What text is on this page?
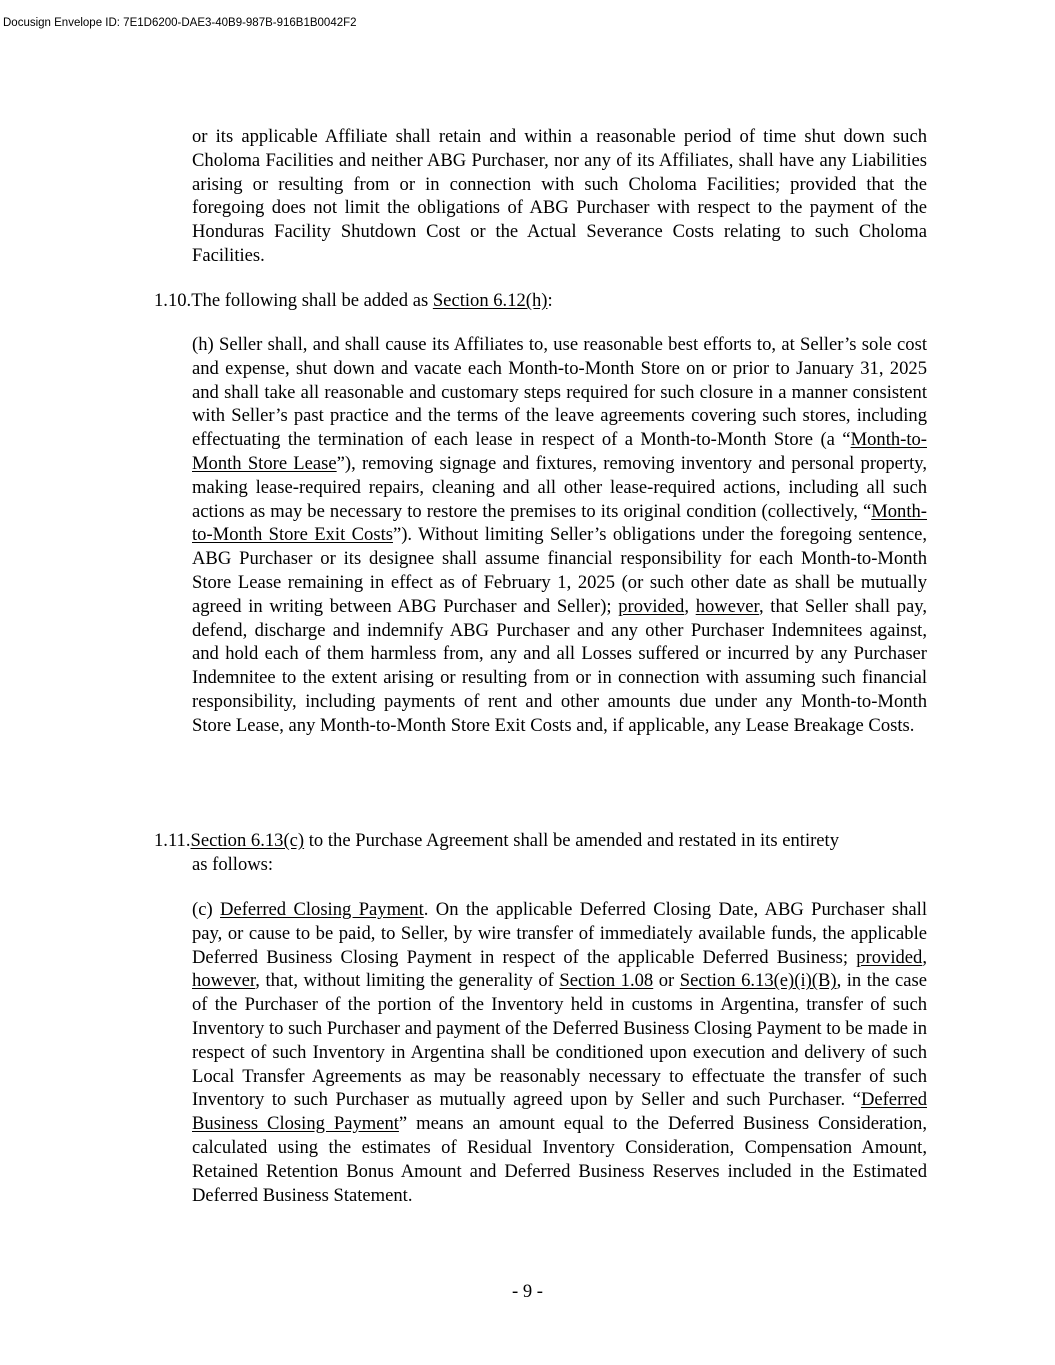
Docusign Envelope ID: 7E1D6200-DAE3-40B9-987B-916B1B0042F2

or its applicable Affiliate shall retain and within a reasonable period of time shut down such Choloma Facilities and neither ABG Purchaser, nor any of its Affiliates, shall have any Liabilities arising or resulting from or in connection with such Choloma Facilities; provided that the foregoing does not limit the obligations of ABG Purchaser with respect to the payment of the Honduras Facility Shutdown Cost or the Actual Severance Costs relating to such Choloma Facilities.

1.10.The following shall be added as Section 6.12(h):

(h) Seller shall, and shall cause its Affiliates to, use reasonable best efforts to, at Seller’s sole cost and expense, shut down and vacate each Month-to-Month Store on or prior to January 31, 2025 and shall take all reasonable and customary steps required for such closure in a manner consistent with Seller’s past practice and the terms of the leave agreements covering such stores, including effectuating the termination of each lease in respect of a Month-to-Month Store (a “Month-to-Month Store Lease”), removing signage and fixtures, removing inventory and personal property, making lease-required repairs, cleaning and all other lease-required actions, including all such actions as may be necessary to restore the premises to its original condition (collectively, “Month-to-Month Store Exit Costs”). Without limiting Seller’s obligations under the foregoing sentence, ABG Purchaser or its designee shall assume financial responsibility for each Month-to-Month Store Lease remaining in effect as of February 1, 2025 (or such other date as shall be mutually agreed in writing between ABG Purchaser and Seller); provided, however, that Seller shall pay, defend, discharge and indemnify ABG Purchaser and any other Purchaser Indemnitees against, and hold each of them harmless from, any and all Losses suffered or incurred by any Purchaser Indemnitee to the extent arising or resulting from or in connection with assuming such financial responsibility, including payments of rent and other amounts due under any Month-to-Month Store Lease, any Month-to-Month Store Exit Costs and, if applicable, any Lease Breakage Costs.

1.11.Section 6.13(c) to the Purchase Agreement shall be amended and restated in its entirety
as follows:

(c) Deferred Closing Payment. On the applicable Deferred Closing Date, ABG Purchaser shall pay, or cause to be paid, to Seller, by wire transfer of immediately available funds, the applicable Deferred Business Closing Payment in respect of the applicable Deferred Business; provided, however, that, without limiting the generality of Section 1.08 or Section 6.13(e)(i)(B), in the case of the Purchaser of the portion of the Inventory held in customs in Argentina, transfer of such Inventory to such Purchaser and payment of the Deferred Business Closing Payment to be made in respect of such Inventory in Argentina shall be conditioned upon execution and delivery of such Local Transfer Agreements as may be reasonably necessary to effectuate the transfer of such Inventory to such Purchaser as mutually agreed upon by Seller and such Purchaser. “Deferred Business Closing Payment” means an amount equal to the Deferred Business Consideration, calculated using the estimates of Residual Inventory Consideration, Compensation Amount, Retained Retention Bonus Amount and Deferred Business Reserves included in the Estimated Deferred Business Statement.

- 9 -
